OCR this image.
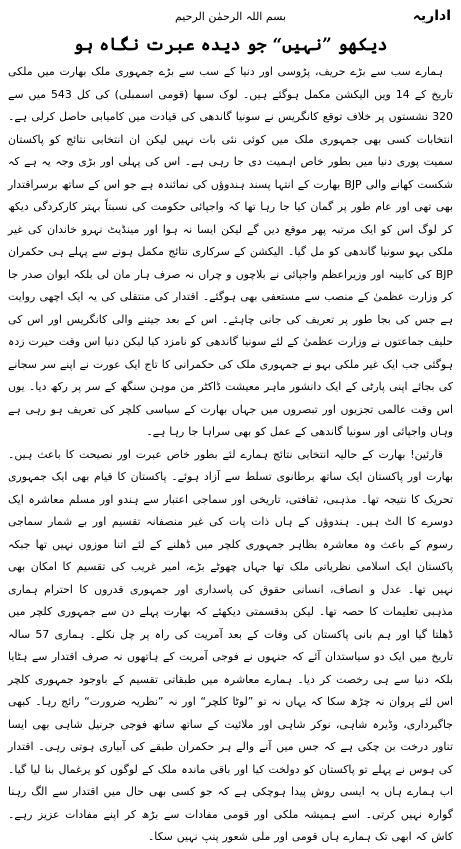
اداریہ
بسم اللہ الرحمٰن الرحیم
دیکھو ”نہیں“ جو دیدہ عبرت نگاہ ہو

ہمارے سب سے بڑے حریف، پڑوسی اور دنیا کے سب سے بڑے جمہوری ملک بھارت میں ملکی تاریخ کے 14 ویں الیکشن مکمل ہوگئے ہیں۔ لوک سبھا (قومی اسمبلی) کی کل 543 میں سے 320 نشستوں پر خلاف توقع کانگریس نے سونیا گاندھی کی قیادت میں کامیابی حاصل کرلی ہے۔ انتخابات کسی بھی جمہوری ملک میں کوئی نئی بات نہیں لیکن ان انتخابی نتائج کو پاکستان سمیت پوری دنیا میں بطور خاص اہمیت دی جا رہی ہے۔ اس کی پہلی اور بڑی وجہ یہ ہے کہ شکست کھانے والی BJP بھارت کے انتہا پسند ہندوؤں کی نمائندہ ہے جو اس کے ساتھ برسراقتدار بھی تھی اور عام طور پر گمان کیا جا رہا تھا کہ واجپائی حکومت کی نسبتاً بہتر کارکردگی دیکھ کر لوگ اس کو ایک مرتبہ پھر موقع دیں گے لیکن ایسا نہ ہوا اور مینڈیٹ نہرو خاندان کی غیر ملکی بہو سونیا گاندھی کو مل گیا۔ الیکشن کے سرکاری نتائج مکمل ہونے سے پہلے ہی حکمران BJP کی کابینہ اور وزیراعظم واجپائی نے بلاچوں و چراں نہ صرف ہار مان لی بلکہ ایوان صدر جا کر وزارت عظمیٰ کے منصب سے مستعفی بھی ہوگئے۔ اقتدار کی منتقلی کی یہ ایک اچھی روایت ہے جس کی بجا طور پر تعریف کی جانی چاہئے۔ اس کے بعد جیتنے والی کانگریس اور اس کی حلیف جماعتوں نے وزارت عظمیٰ کے لئے سونیا گاندھی کو نامزد کیا لیکن دنیا اس وقت حیرت زدہ ہوگئی جب ایک غیر ملکی بہو نے جمہوری ملک کی حکمرانی کا تاج ایک عورت نے اپنے سر سجانے کی بجائے اپنی پارٹی کے ایک دانشور ماہر معیشت ڈاکٹر من موہن سنگھ کے سر پر رکھ دیا۔ یوں اس وقت عالمی تجزیوں اور تبصروں میں جہاں بھارت کے سیاسی کلچر کی تعریف ہو رہی ہے وہاں واجپائی اور سونیا گاندھی کے عمل کو بھی سراہا جا رہا ہے۔

قارئین! بھارت کے حالیہ انتخابی نتائج ہمارے لئے بطور خاص عبرت اور نصیحت کا باعث ہیں۔ بھارت اور پاکستان ایک ساتھ برطانوی تسلط سے آزاد ہوئے۔ پاکستان کا قیام بھی ایک جمہوری تحریک کا نتیجہ تھا۔ مذہبی، ثقافتی، تاریخی اور سماجی اعتبار سے ہندو اور مسلم معاشرہ ایک دوسرے کا الٹ ہیں۔ ہندوؤں کے ہاں ذات پات کی غیر منصفانہ تقسیم اور بے شمار سماجی رسوم کے باعث وہ معاشرہ بظاہر جمہوری کلچر میں ڈھلنے کے لئے اتنا موزوں نہیں تھا جبکہ پاکستان ایک اسلامی نظریاتی ملک تھا جہاں چھوٹے بڑے، امیر غریب کی تقسیم کا امکان بھی نہیں تھا۔ عدل و انصاف، انسانی حقوق کی پاسداری اور جمہوری قدروں کا احترام ہماری مذہبی تعلیمات کا حصہ تھا۔ لیکن بدقسمتی دیکھئے کہ بھارت پہلے دن سے جمہوری کلچر میں ڈھلتا گیا اور ہم بانی پاکستان کی وفات کے بعد آمریت کی راہ پر چل نکلے۔ ہماری 57 سالہ تاریخ میں ایک دو سیاستدان آئے کہ جنہوں نے فوجی آمریت کے ہاتھوں نہ صرف اقتدار سے ہٹایا بلکہ دنیا سے ہی رخصت کر دیا۔ ہمارے معاشرہ میں طبقاتی تقسیم کے باوجود جمہوری کلچر اس لئے پروان نہ چڑھ سکا کہ یہاں نہ تو ”لوٹا کلچر“ اور نہ ”نظریہ ضرورت“ رائج رہا۔ کبھی جاگیرداری، وڈیرہ شاہی، نوکر شاہی اور ملائیت کے ساتھ ساتھ فوجی جرنیل شاہی بھی ایسا تناور درخت بن چکی ہے کہ جس میں آنے والے ہر حکمران طبقے کی آبیاری ہوتی رہی۔ اقتدار کی ہوس نے پہلے تو پاکستان کو دولخت کیا اور باقی ماندہ ملک کے لوگوں کو یرغمال بنا لیا گیا۔ اب ہمارے ہاں یہ ایسی روش پیدا ہوچکی ہے کہ جو کسی بھی حال میں اقتدار سے الگ رہنا گوارہ نہیں کرتی۔ اسے ہمیشہ ملکی اور قومی مفادات سے بڑھ کر اپنے مفادات عزیز رہے۔ کاش کہ ابھی تک ہمارے ہاں قومی اور ملی شعور پنپ نہیں سکا۔
